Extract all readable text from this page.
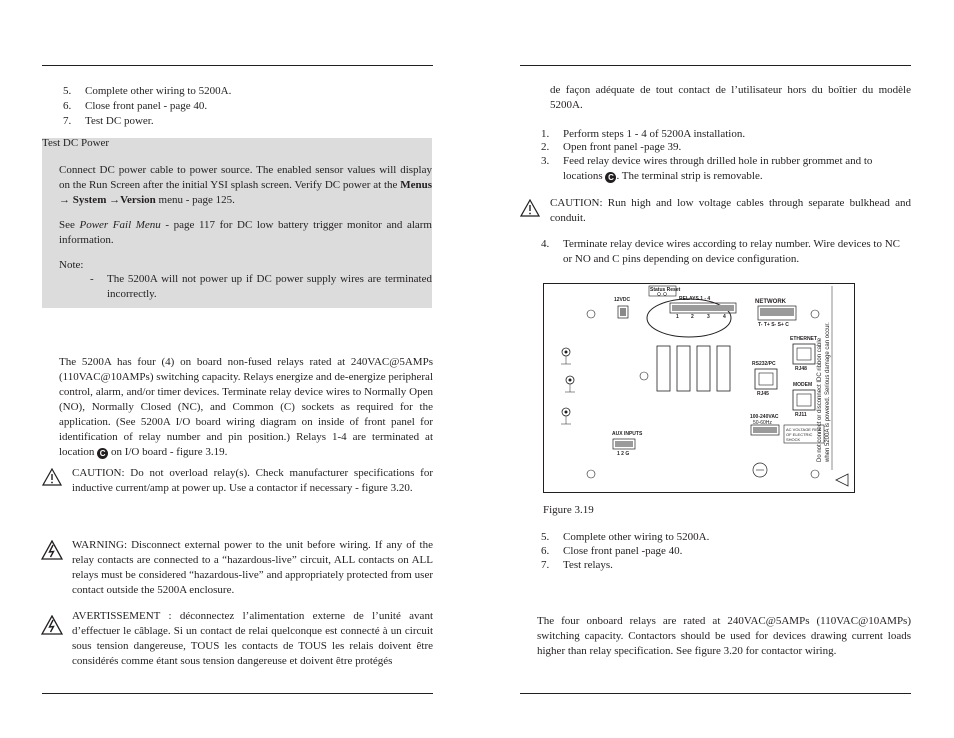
5.	Complete other wiring to 5200A.
6.	Close front panel - page 40.
7.	Test DC power.
Test DC Power
Connect DC power cable to power source. The enabled sensor values will display on the Run Screen after the initial YSI splash screen. Verify DC power at the Menus → System →Version menu - page 125.
See Power Fail Menu - page 117 for DC low battery trigger monitor and alarm information.
Note:
- The 5200A will not power up if DC power supply wires are terminated incorrectly.
The 5200A has four (4) on board non-fused relays rated at 240VAC@5AMPs (110VAC@10AMPs) switching capacity. Relays energize and de-energize peripheral control, alarm, and/or timer devices. Terminate relay device wires to Normally Open (NO), Normally Closed (NC), and Common (C) sockets as required for the application. (See 5200A I/O board wiring diagram on inside of front panel for identification of relay number and pin position.) Relays 1-4 are terminated at location C on I/O board - figure 3.19.
CAUTION: Do not overload relay(s). Check manufacturer specifications for inductive current/amp at power up. Use a contactor if necessary - figure 3.20.
WARNING: Disconnect external power to the unit before wiring. If any of the relay contacts are connected to a “hazardous-live” circuit, ALL contacts on ALL relays must be considered “hazardous-live” and appropriately protected from user contact outside the 5200A enclosure.
AVERTISSEMENT : déconnectez l’alimentation externe de l’unité avant d’effectuer le câblage. Si un contact de relai quelconque est connecté à un circuit sous tension dangereuse, TOUS les contacts de TOUS les relais doivent être considérés comme étant sous tension dangereuse et doivent être protégés
de façon adéquate de tout contact de l’utilisateur hors du boîtier du modèle 5200A.
1.	Perform steps 1 - 4 of 5200A installation.
2.	Open front panel -page 39.
3. Feed relay device wires through drilled hole in rubber grommet and to locations C . The terminal strip is removable.
CAUTION: Run high and low voltage cables through separate bulkhead and conduit.
4. Terminate relay device wires according to relay number. Wire devices to NC or NO and C pins depending on device configuration.
Status Reset
12VDC	RELAYS 1 - 4
1 2	3	4
NETWORK
T- T+ S- S+ C
ETHERNET
RJ48
RS232/PC
RJ45
MODEM
RJ11
100-240VAC
50-60Hz
AC VOLTAGE RISK OF ELECTRIC SHOCK
AUX INPUTS
1 2 G	Do not connect or disconnect IDC ribbon cable when 5200A is powered. Serious damage can occur.
Figure 3.19
5.	Complete other wiring to 5200A.
6.	Close front panel -page 40.
7.	Test relays.
The four onboard relays are rated at 240VAC@5AMPs (110VAC@10AMPs) switching capacity. Contactors should be used for devices drawing current loads higher than relay specification. See figure 3.20 for contactor wiring.
